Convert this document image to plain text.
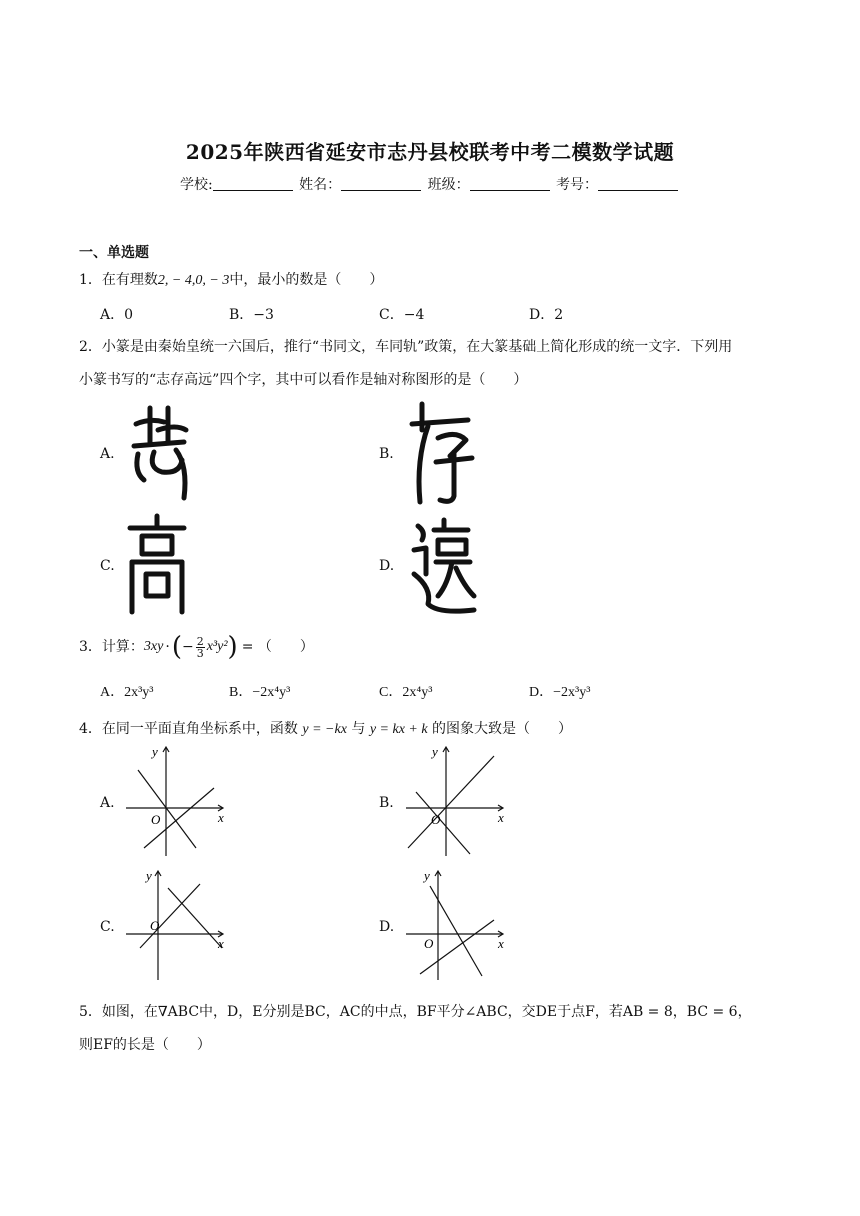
2025年陕西省延安市志丹县校联考中考二模数学试题
学校:	姓名：	班级：	考号：
一、单选题
1．在有理数2, − 4,0, − 3中，最小的数是（　　）
A．0	B．−3	C．−4	D．2
2．小篆是由秦始皇统一六国后，推行“书同文，车同轨”政策，在大篆基础上简化形成的统一文字．下列用
小篆书写的“志存高远”四个字，其中可以看作是轴对称图形的是（　　）
A.	B.
C.	D.
3．计算： 3xy · ( − $\frac{2}{3} x^3y^2$ ) = （　　）
A．2x³y³	B．−2x⁴y³	C．2x⁴y³	D．−2x³y³
4．在同一平面直角坐标系中，函数 y = −kx 与 y = kx + k 的图象大致是（　　）
A.
y
x
O
B.
y
x
O
C.
y
x
O	D.
y
x
O
5．如图，在∇ABC中，D，E分别是BC，AC的中点，BF平分∠ABC，交DE于点F，若AB = 8，BC = 6，
则EF的长是（　　）
